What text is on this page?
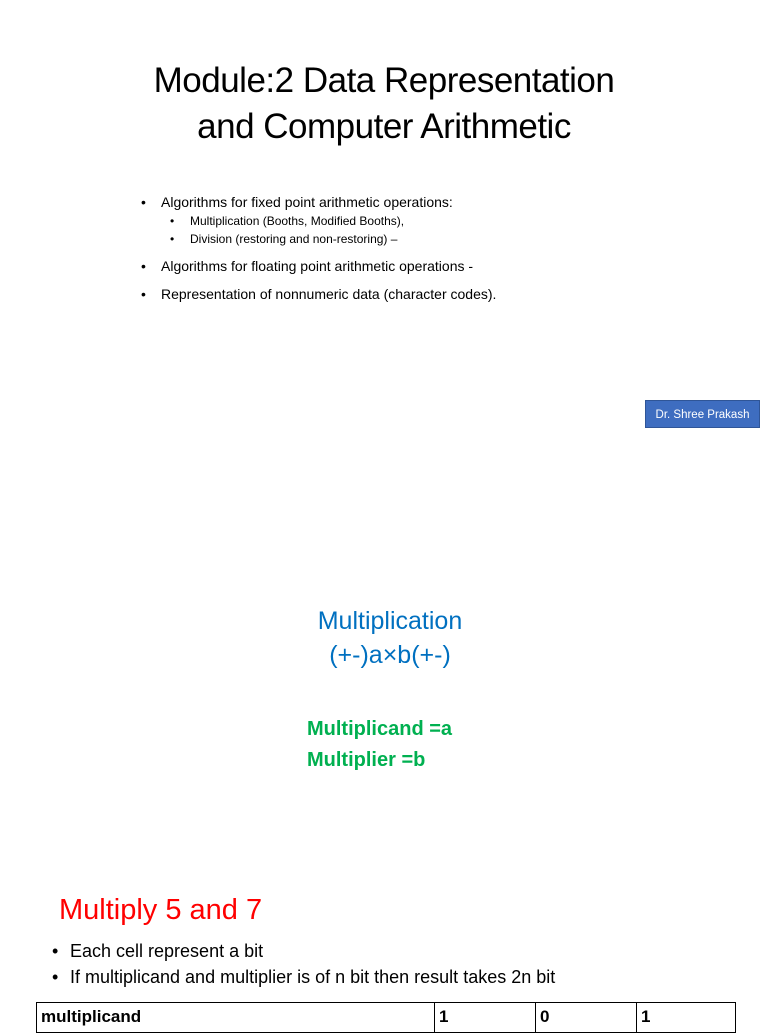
Module:2 Data Representation
and Computer Arithmetic
• Algorithms for fixed point arithmetic operations:
• Multiplication (Booths, Modified Booths),
• Division (restoring and non-restoring) –
• Algorithms for floating point arithmetic operations -
• Representation of nonnumeric data (character codes).
Dr. Shree Prakash
Multiplication
(+-)a×b(+-)
Multiplicand =a
Multiplier =b
Multiply 5 and 7
• Each cell represent a bit
• If multiplicand and multiplier is of n bit then result takes 2n bit
multiplicand	1	0	1
